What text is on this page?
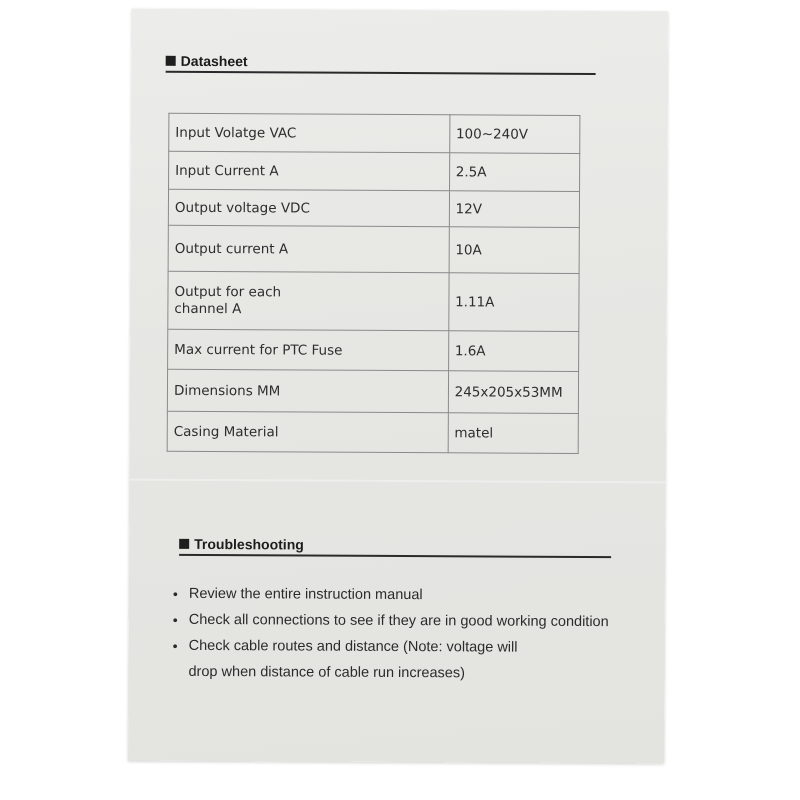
Datasheet
Input Volatge VAC	100~240V
Input Current A	2.5A
Output voltage VDC	12V
Output current A	10A
Output for each channel A	1.11A
Max current for PTC Fuse	1.6A
Dimensions MM	245x205x53MM
Casing Material	matel
Troubleshooting
• Review the entire instruction manual
• Check all connections to see if they are in good working condition
• Check cable routes and distance (Note: voltage will drop when distance of cable run increases)
